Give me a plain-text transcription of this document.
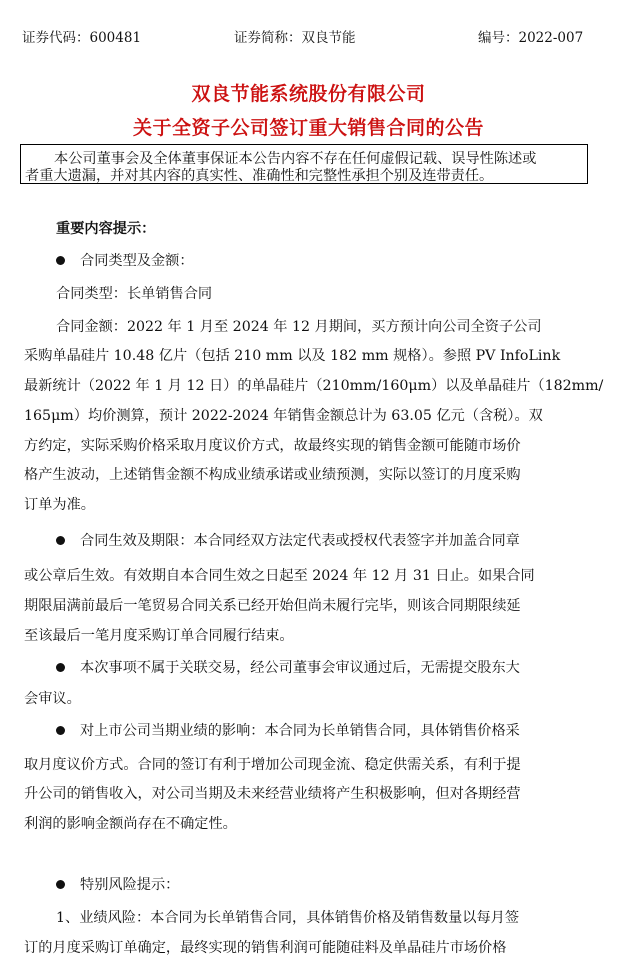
证券代码：600481	证券简称：双良节能	编号：2022-007
双良节能系统股份有限公司
关于全资子公司签订重大销售合同的公告
本公司董事会及全体董事保证本公告内容不存在任何虚假记载、误导性陈述或
者重大遗漏，并对其内容的真实性、准确性和完整性承担个别及连带责任。
重要内容提示：
合同类型及金额：
合同类型：长单销售合同
合同金额：2022 年 1 月至 2024 年 12 月期间，买方预计向公司全资子公司
采购单晶硅片 10.48 亿片（包括 210 mm 以及 182 mm 规格）。参照 PV InfoLink
最新统计（2022 年 1 月 12 日）的单晶硅片（210mm/160μm）以及单晶硅片（182mm/
165μm）均价测算，预计 2022-2024 年销售金额总计为 63.05 亿元（含税）。双
方约定，实际采购价格采取月度议价方式，故最终实现的销售金额可能随市场价
格产生波动，上述销售金额不构成业绩承诺或业绩预测，实际以签订的月度采购
订单为准。
合同生效及期限：本合同经双方法定代表或授权代表签字并加盖合同章
或公章后生效。有效期自本合同生效之日起至 2024 年 12 月 31 日止。如果合同
期限届满前最后一笔贸易合同关系已经开始但尚未履行完毕，则该合同期限续延
至该最后一笔月度采购订单合同履行结束。
本次事项不属于关联交易，经公司董事会审议通过后，无需提交股东大
会审议。
对上市公司当期业绩的影响：本合同为长单销售合同，具体销售价格采
取月度议价方式。合同的签订有利于增加公司现金流、稳定供需关系，有利于提
升公司的销售收入，对公司当期及未来经营业绩将产生积极影响，但对各期经营
利润的影响金额尚存在不确定性。
特别风险提示：
1、业绩风险：本合同为长单销售合同，具体销售价格及销售数量以每月签
订的月度采购订单确定，最终实现的销售利润可能随硅料及单晶硅片市场价格
